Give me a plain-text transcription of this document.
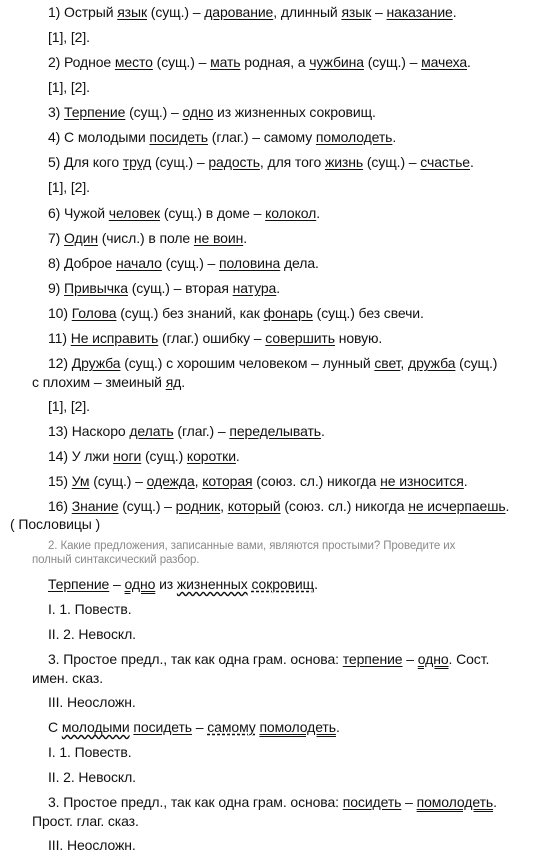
1) Острый язык (сущ.) – дарование, длинный язык – наказание.
[1], [2].
2) Родное место (сущ.) – мать родная, а чужбина (сущ.) – мачеха.
[1], [2].
3) Терпение (сущ.) – одно из жизненных сокровищ.
4) С молодыми посидеть (глаг.) – самому помолодеть.
5) Для кого труд (сущ.) – радость, для того жизнь (сущ.) – счастье.
[1], [2].
6) Чужой человек (сущ.) в доме – колокол.
7) Один (числ.) в поле не воин.
8) Доброе начало (сущ.) – половина дела.
9) Привычка (сущ.) – вторая натура.
10) Голова (сущ.) без знаний, как фонарь (сущ.) без свечи.
11) Не исправить (глаг.) ошибку – совершить новую.
12) Дружба (сущ.) с хорошим человеком – лунный свет, дружба (сущ.)
с плохим – змеиный яд.
[1], [2].
13) Наскоро делать (глаг.) – переделывать.
14) У лжи ноги (сущ.) коротки.
15) Ум (сущ.) – одежда, которая (союз. сл.) никогда не износится.
16) Знание (сущ.) – родник, который (союз. сл.) никогда не исчерпаешь.
( Пословицы )
2. Какие предложения, записанные вами, являются простыми? Проведите их
полный синтаксический разбор.
Терпение – одно из жизненных сокровищ.
I. 1. Повеств.
II. 2. Невоскл.
3. Простое предл., так как одна грам. основа: терпение – одно. Сост.
имен. сказ.
III. Неосложн.
С молодыми посидеть – самому помолодеть.
I. 1. Повеств.
II. 2. Невоскл.
3. Простое предл., так как одна грам. основа: посидеть – помолодеть.
Прост. глаг. сказ.
III. Неосложн.
